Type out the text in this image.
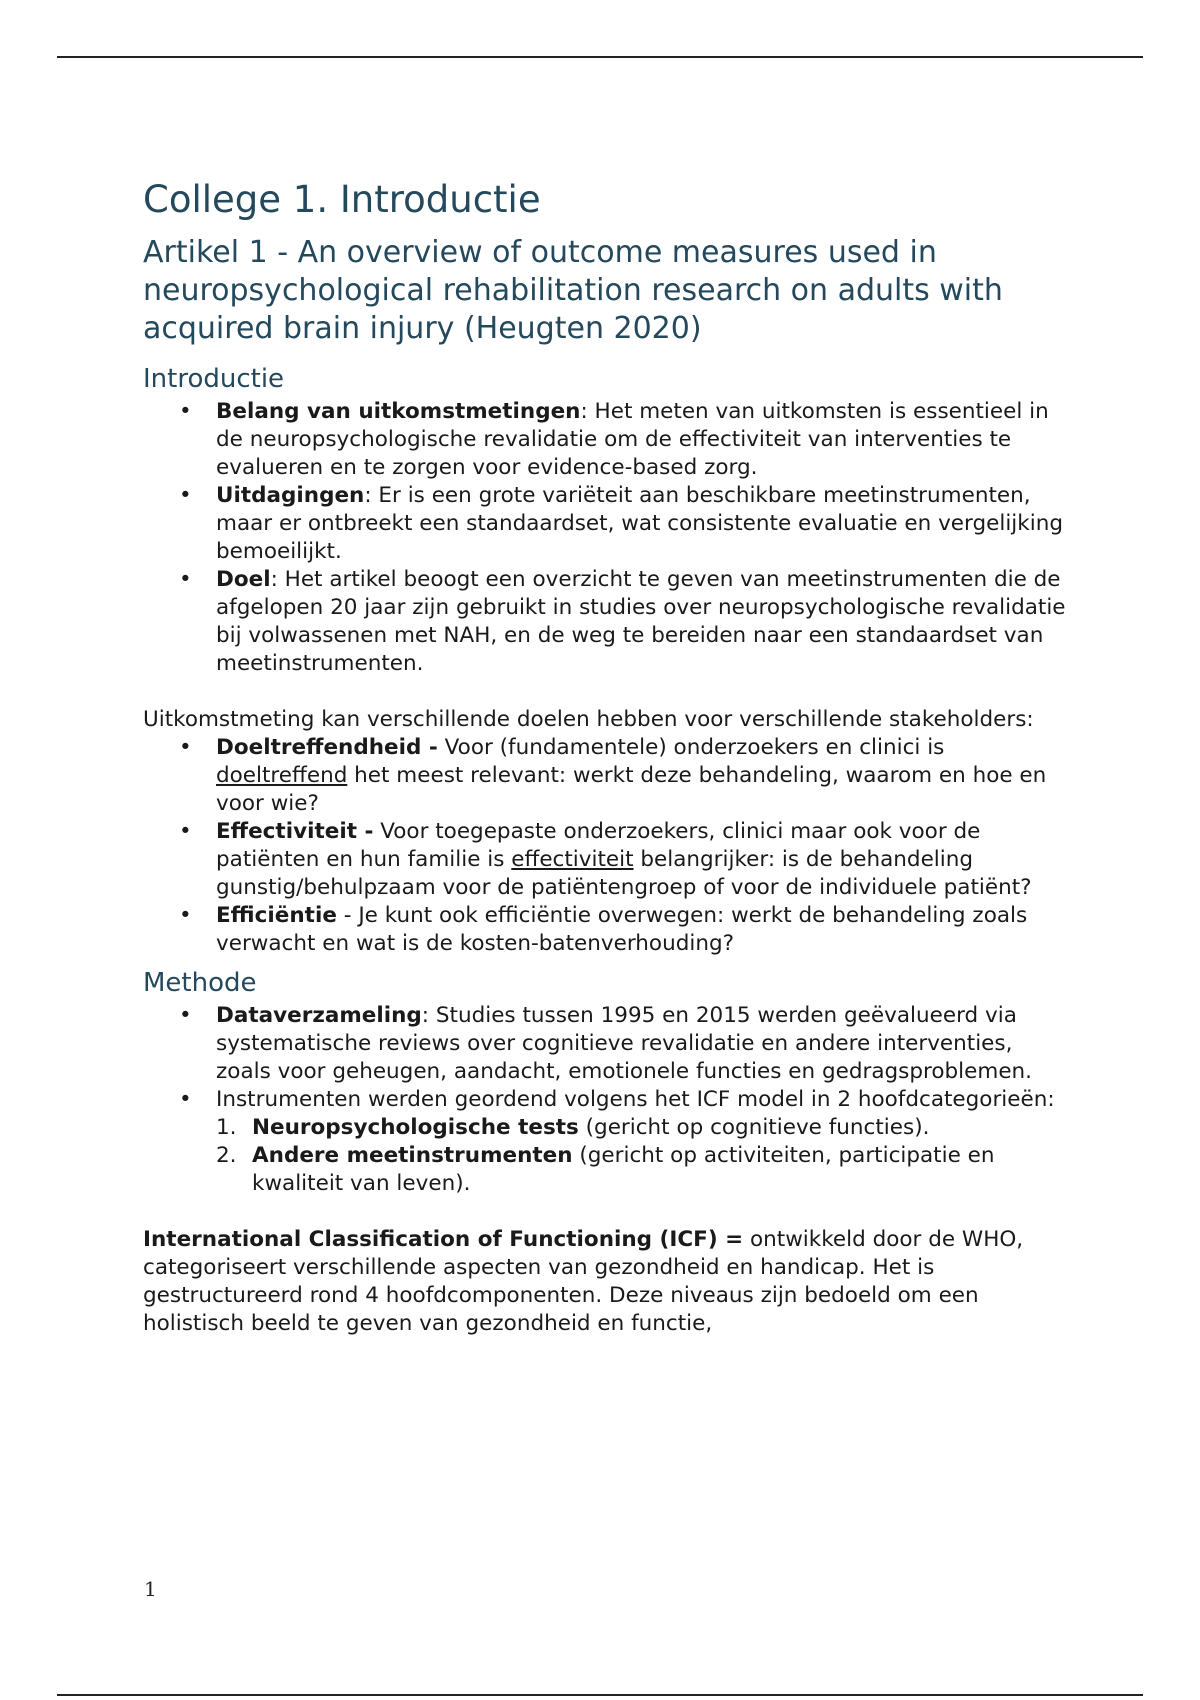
College 1. Introductie
Artikel 1 - An overview of outcome measures used in neuropsychological rehabilitation research on adults with acquired brain injury (Heugten 2020)
Introductie
• Belang van uitkomstmetingen: Het meten van uitkomsten is essentieel in de neuropsychologische revalidatie om de effectiviteit van interventies te evalueren en te zorgen voor evidence-based zorg.
• Uitdagingen: Er is een grote variëteit aan beschikbare meetinstrumenten, maar er ontbreekt een standaardset, wat consistente evaluatie en vergelijking bemoeilijkt.
• Doel: Het artikel beoogt een overzicht te geven van meetinstrumenten die de afgelopen 20 jaar zijn gebruikt in studies over neuropsychologische revalidatie bij volwassenen met NAH, en de weg te bereiden naar een standaardset van meetinstrumenten.
Uitkomstmeting kan verschillende doelen hebben voor verschillende stakeholders:
• Doeltreffendheid - Voor (fundamentele) onderzoekers en clinici is doeltreffend het meest relevant: werkt deze behandeling, waarom en hoe en voor wie?
• Effectiviteit - Voor toegepaste onderzoekers, clinici maar ook voor de patiënten en hun familie is effectiviteit belangrijker: is de behandeling gunstig/behulpzaam voor de patiëntengroep of voor de individuele patiënt?
• Efficiëntie - Je kunt ook efficiëntie overwegen: werkt de behandeling zoals verwacht en wat is de kosten-batenverhouding?
Methode
• Dataverzameling: Studies tussen 1995 en 2015 werden geëvalueerd via systematische reviews over cognitieve revalidatie en andere interventies, zoals voor geheugen, aandacht, emotionele functies en gedragsproblemen.
• Instrumenten werden geordend volgens het ICF model in 2 hoofdcategorieën:
1. Neuropsychologische tests (gericht op cognitieve functies).
2. Andere meetinstrumenten (gericht op activiteiten, participatie en kwaliteit van leven).
International Classification of Functioning (ICF) = ontwikkeld door de WHO, categoriseert verschillende aspecten van gezondheid en handicap. Het is gestructureerd rond 4 hoofdcomponenten. Deze niveaus zijn bedoeld om een holistisch beeld te geven van gezondheid en functie,
1
